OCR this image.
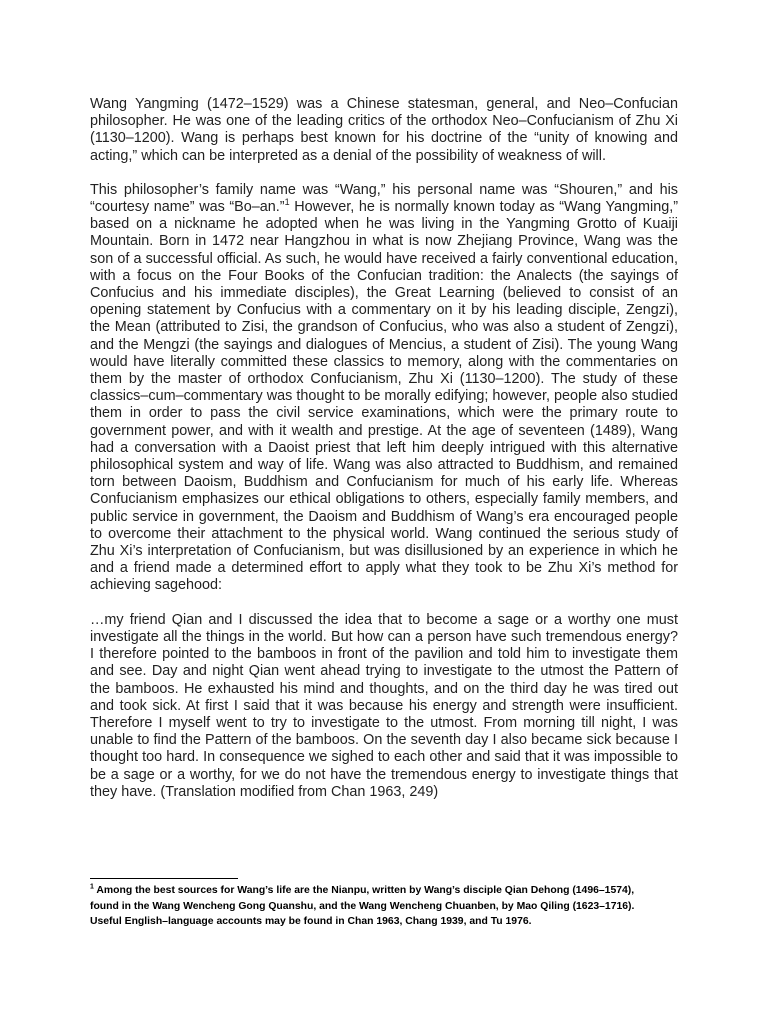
Wang Yangming (1472–1529) was a Chinese statesman, general, and Neo–Confucian philosopher. He was one of the leading critics of the orthodox Neo–Confucianism of Zhu Xi (1130–1200). Wang is perhaps best known for his doctrine of the “unity of knowing and acting,” which can be interpreted as a denial of the possibility of weakness of will.

This philosopher’s family name was “Wang,” his personal name was “Shouren,” and his “courtesy name” was “Bo–an.”$^1$ However, he is normally known today as “Wang Yangming,” based on a nickname he adopted when he was living in the Yangming Grotto of Kuaiji Mountain. Born in 1472 near Hangzhou in what is now Zhejiang Province, Wang was the son of a successful official. As such, he would have received a fairly conventional education, with a focus on the Four Books of the Confucian tradition: the Analects (the sayings of Confucius and his immediate disciples), the Great Learning (believed to consist of an opening statement by Confucius with a commentary on it by his leading disciple, Zengzi), the Mean (attributed to Zisi, the grandson of Confucius, who was also a student of Zengzi), and the Mengzi (the sayings and dialogues of Mencius, a student of Zisi). The young Wang would have literally committed these classics to memory, along with the commentaries on them by the master of orthodox Confucianism, Zhu Xi (1130–1200). The study of these classics–cum–commentary was thought to be morally edifying; however, people also studied them in order to pass the civil service examinations, which were the primary route to government power, and with it wealth and prestige. At the age of seventeen (1489), Wang had a conversation with a Daoist priest that left him deeply intrigued with this alternative philosophical system and way of life. Wang was also attracted to Buddhism, and remained torn between Daoism, Buddhism and Confucianism for much of his early life. Whereas Confucianism emphasizes our ethical obligations to others, especially family members, and public service in government, the Daoism and Buddhism of Wang’s era encouraged people to overcome their attachment to the physical world. Wang continued the serious study of Zhu Xi’s interpretation of Confucianism, but was disillusioned by an experience in which he and a friend made a determined effort to apply what they took to be Zhu Xi’s method for achieving sagehood:

…my friend Qian and I discussed the idea that to become a sage or a worthy one must investigate all the things in the world. But how can a person have such tremendous energy? I therefore pointed to the bamboos in front of the pavilion and told him to investigate them and see. Day and night Qian went ahead trying to investigate to the utmost the Pattern of the bamboos. He exhausted his mind and thoughts, and on the third day he was tired out and took sick. At first I said that it was because his energy and strength were insufficient. Therefore I myself went to try to investigate to the utmost. From morning till night, I was unable to find the Pattern of the bamboos. On the seventh day I also became sick because I thought too hard. In consequence we sighed to each other and said that it was impossible to be a sage or a worthy, for we do not have the tremendous energy to investigate things that they have. (Translation modified from Chan 1963, 249)

$^1$ Among the best sources for Wang’s life are the Nianpu, written by Wang’s disciple Qian Dehong (1496–1574), found in the Wang Wencheng Gong Quanshu, and the Wang Wencheng Chuanben, by Mao Qiling (1623–1716). Useful English–language accounts may be found in Chan 1963, Chang 1939, and Tu 1976.
